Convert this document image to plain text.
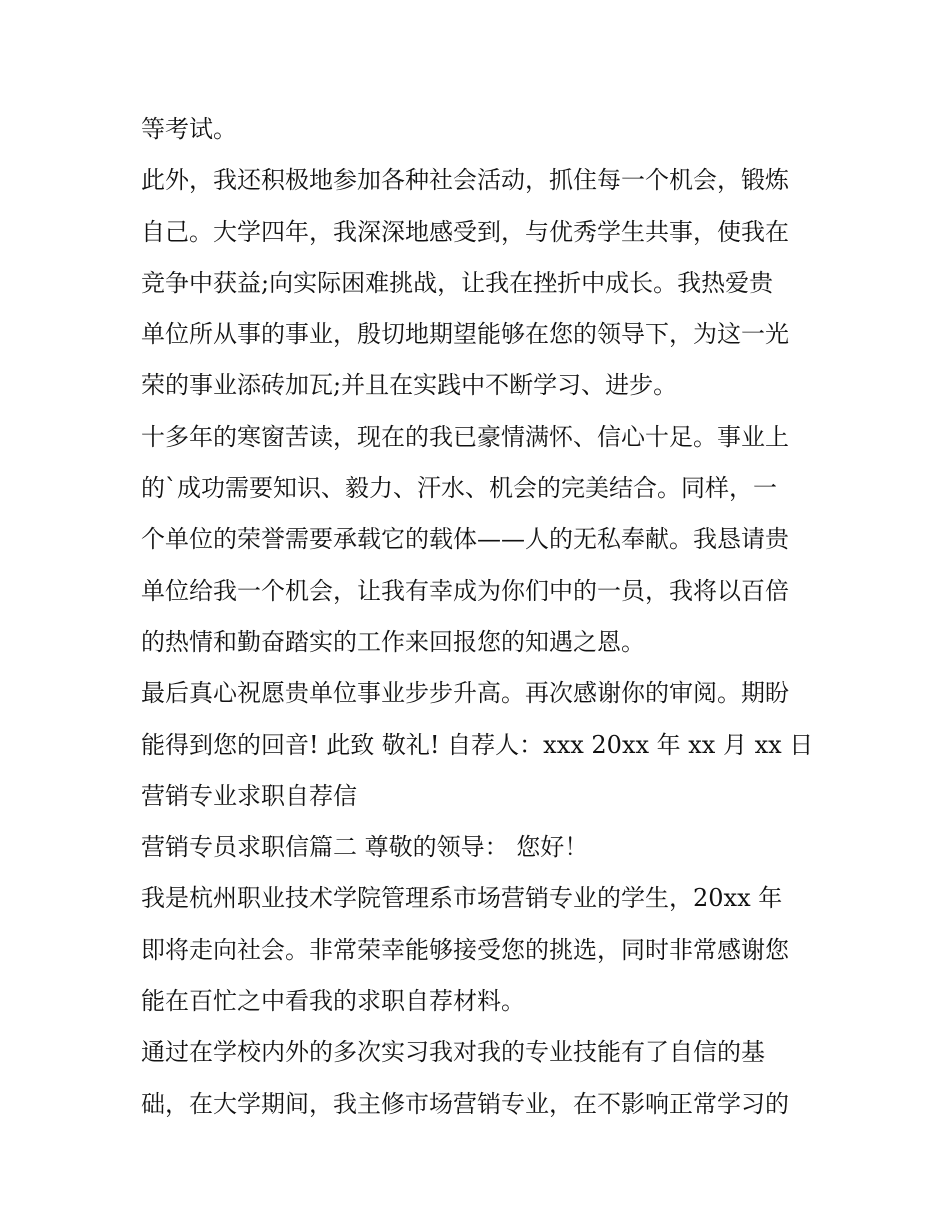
等考试。
此外，我还积极地参加各种社会活动，抓住每一个机会，锻炼
自己。大学四年，我深深地感受到，与优秀学生共事，使我在
竞争中获益;向实际困难挑战，让我在挫折中成长。我热爱贵
单位所从事的事业，殷切地期望能够在您的领导下，为这一光
荣的事业添砖加瓦;并且在实践中不断学习、进步。
十多年的寒窗苦读，现在的我已豪情满怀、信心十足。事业上
的`成功需要知识、毅力、汗水、机会的完美结合。同样，一
个单位的荣誉需要承载它的载体——人的无私奉献。我恳请贵
单位给我一个机会，让我有幸成为你们中的一员，我将以百倍
的热情和勤奋踏实的工作来回报您的知遇之恩。
最后真心祝愿贵单位事业步步升高。再次感谢你的审阅。期盼
能得到您的回音! 此致 敬礼! 自荐人：xxx 20xx 年 xx 月 xx 日
营销专业求职自荐信
营销专员求职信篇二 尊敬的领导： 您好！
我是杭州职业技术学院管理系市场营销专业的学生，20xx 年
即将走向社会。非常荣幸能够接受您的挑选，同时非常感谢您
能在百忙之中看我的求职自荐材料。
通过在学校内外的多次实习我对我的专业技能有了自信的基
础，在大学期间，我主修市场营销专业，在不影响正常学习的
